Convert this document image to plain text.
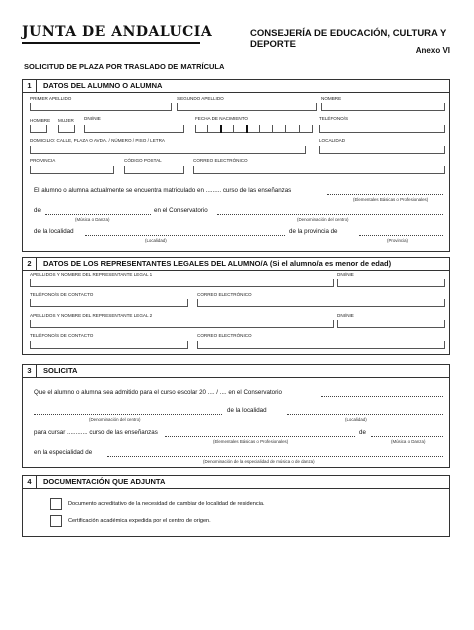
JUNTA DE ANDALUCIA	CONSEJERÍA DE EDUCACIÓN, CULTURA Y DEPORTE
Anexo VI
SOLICITUD DE PLAZA POR TRASLADO DE MATRÍCULA
1	DATOS DEL ALUMNO O ALUMNA
PRIMER APELLIDO	SEGUNDO APELLIDO	NOMBRE
HOMBRE MUJER DNI/NIE	FECHA DE NACIMIENTO	TELÉFONO/S
DOMICILIO: CALLE, PLAZA O AVDA. / NÚMERO / PISO / LETRA	LOCALIDAD
PROVINCIA	CÓDIGO POSTAL	CORREO ELECTRÓNICO
El alumno o alumna actualmente se encuentra matriculado en ......... curso de las enseñanzas
(Elementales Básicas o Profesionales)
de	en el Conservatorio
(Música o Danza)	(Denominación del centro)
de la localidad	de la provincia de
(Localidad)	(Provincia)
2	DATOS DE LOS REPRESENTANTES LEGALES DEL ALUMNO/A (Si el alumno/a es menor de edad)
APELLIDOS Y NOMBRE DEL REPRESENTANTE LEGAL 1	DNI/NIE
TELÉFONO/S DE CONTACTO	CORREO ELECTRÓNICO
APELLIDOS Y NOMBRE DEL REPRESENTANTE LEGAL 2	DNI/NIE
TELÉFONO/S DE CONTACTO	CORREO ELECTRÓNICO
3	SOLICITA
Que el alumno o alumna sea admitido para el curso escolar 20 .... / .... en el Conservatorio
de la localidad
(Denominación del centro)	(Localidad)
para cursar ............ curso de las enseñanzas	de
(Elementales Básicas o Profesionales)	(Música o Danza)
en la especialidad de
(Denominación de la especialidad de música o de danza)
4	DOCUMENTACIÓN QUE ADJUNTA
Documento acreditativo de la necesidad de cambiar de localidad de residencia.
Certificación académica expedida por el centro de origen.
